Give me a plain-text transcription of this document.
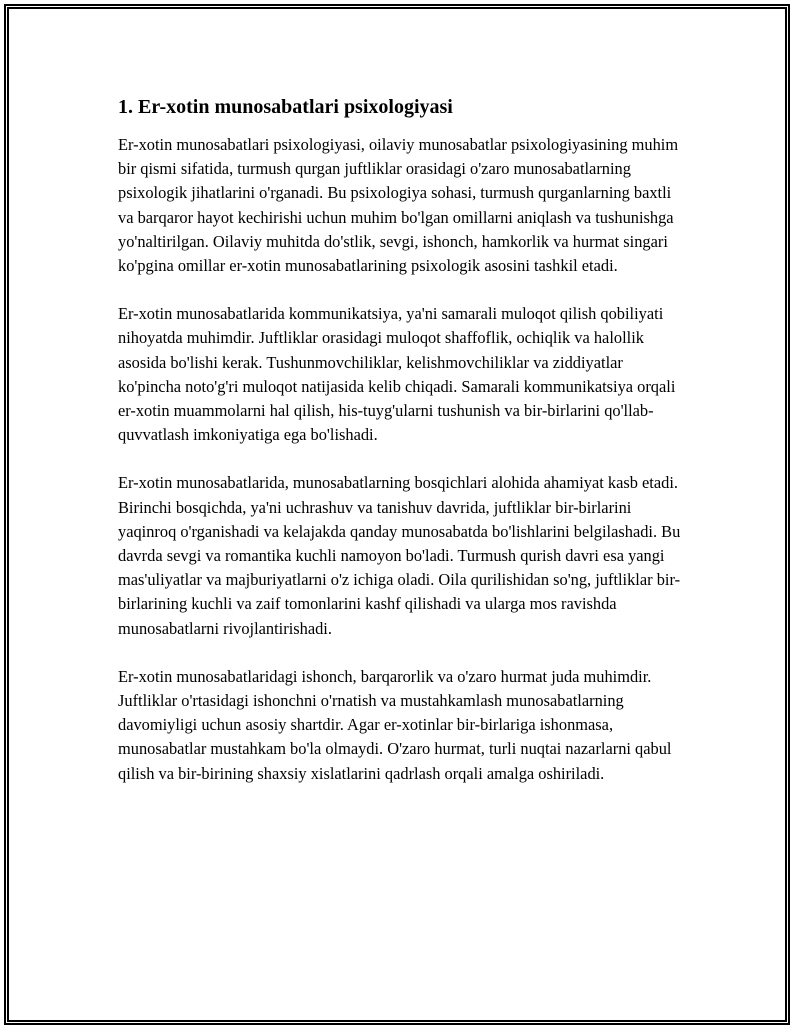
1. Er-xotin munosabatlari psixologiyasi

Er-xotin munosabatlari psixologiyasi, oilaviy munosabatlar psixologiyasining muhim bir qismi sifatida, turmush qurgan juftliklar orasidagi o'zaro munosabatlarning psixologik jihatlarini o'rganadi. Bu psixologiya sohasi, turmush qurganlarning baxtli va barqaror hayot kechirishi uchun muhim bo'lgan omillarni aniqlash va tushunishga yo'naltirilgan. Oilaviy muhitda do'stlik, sevgi, ishonch, hamkorlik va hurmat singari ko'pgina omillar er-xotin munosabatlarining psixologik asosini tashkil etadi.

Er-xotin munosabatlarida kommunikatsiya, ya'ni samarali muloqot qilish qobiliyati nihoyatda muhimdir. Juftliklar orasidagi muloqot shaffoflik, ochiqlik va halollik asosida bo'lishi kerak. Tushunmovchiliklar, kelishmovchiliklar va ziddiyatlar ko'pincha noto'g'ri muloqot natijasida kelib chiqadi. Samarali kommunikatsiya orqali er-xotin muammolarni hal qilish, his-tuyg'ularni tushunish va bir-birlarini qo'llab-quvvatlash imkoniyatiga ega bo'lishadi.

Er-xotin munosabatlarida, munosabatlarning bosqichlari alohida ahamiyat kasb etadi. Birinchi bosqichda, ya'ni uchrashuv va tanishuv davrida, juftliklar bir-birlarini yaqinroq o'rganishadi va kelajakda qanday munosabatda bo'lishlarini belgilashadi. Bu davrda sevgi va romantika kuchli namoyon bo'ladi. Turmush qurish davri esa yangi mas'uliyatlar va majburiyatlarni o'z ichiga oladi. Oila qurilishidan so'ng, juftliklar bir-birlarining kuchli va zaif tomonlarini kashf qilishadi va ularga mos ravishda munosabatlarni rivojlantirishadi.

Er-xotin munosabatlaridagi ishonch, barqarorlik va o'zaro hurmat juda muhimdir. Juftliklar o'rtasidagi ishonchni o'rnatish va mustahkamlash munosabatlarning davomiyligi uchun asosiy shartdir. Agar er-xotinlar bir-birlariga ishonmasa, munosabatlar mustahkam bo'la olmaydi. O'zaro hurmat, turli nuqtai nazarlarni qabul qilish va bir-birining shaxsiy xislatlarini qadrlash orqali amalga oshiriladi.
